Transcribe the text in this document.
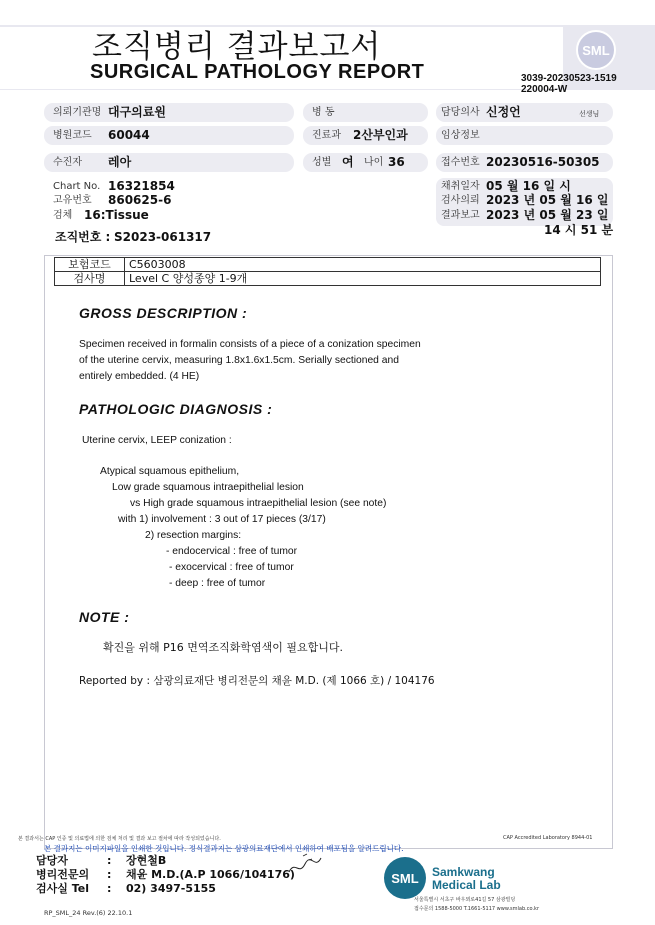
조직병리 결과보고서
SURGICAL PATHOLOGY REPORT
SML
3039-20230523-1519
220004-W
의뢰기관명 대구의료원
병원코드 60044
수진자 레아
Chart No. 16321854
고유번호 860625-6
검체 16:Tissue
조직번호 : S2023-061317
병 동
진료과 2산부인과
성별 여 나이 36
담당의사 신정언	선생님
임상정보
접수번호 20230516-50305
채취일자 05 월 16 일 시
검사의뢰 2023 년 05 월 16 일
결과보고 2023 년 05 월 23 일
14 시 51 분
보험코드	C5603008
검사명	Level C 양성종양 1-9개
GROSS DESCRIPTION :
Specimen received in formalin consists of a piece of a conization specimen
of the uterine cervix, measuring 1.8x1.6x1.5cm. Serially sectioned and
entirely embedded. (4 HE)
PATHOLOGIC DIAGNOSIS :
Uterine cervix, LEEP conization :
Atypical squamous epithelium,
Low grade squamous intraepithelial lesion
vs High grade squamous intraepithelial lesion (see note)
with 1) involvement : 3 out of 17 pieces (3/17)
2) resection margins:
- endocervical : free of tumor
- exocervical : free of tumor
- deep : free of tumor
NOTE :
확진을 위해 P16 면역조직화학염색이 필요합니다.
Reported by : 삼광의료재단 병리전문의 채윤 M.D. (제 1066 호) / 104176
본 결과서는 CAP 인증 및 의료법에 의한 검체 처리 및 결과 보고 절차에 따라 작성되었습니다.	CAP Accredited Laboratory 8944-01
본 결과지는 이미지파일을 인쇄한 것입니다. 정식결과지는 삼광의료재단에서 인쇄하여 배포됨을 알려드립니다.
담당자	: 장현철B
병리전문의 : 채윤 M.D.(A.P 1066/104176)
검사실 Tel : 02) 3497-5155
RP_SML_24 Rev.(6) 22.10.1
SML	Samkwang
Medical Lab
서울특별시 서초구 바우뫼로41길 57 삼광빌딩
접수문의 1588-5000 T.1661-5117 www.smlab.co.kr
